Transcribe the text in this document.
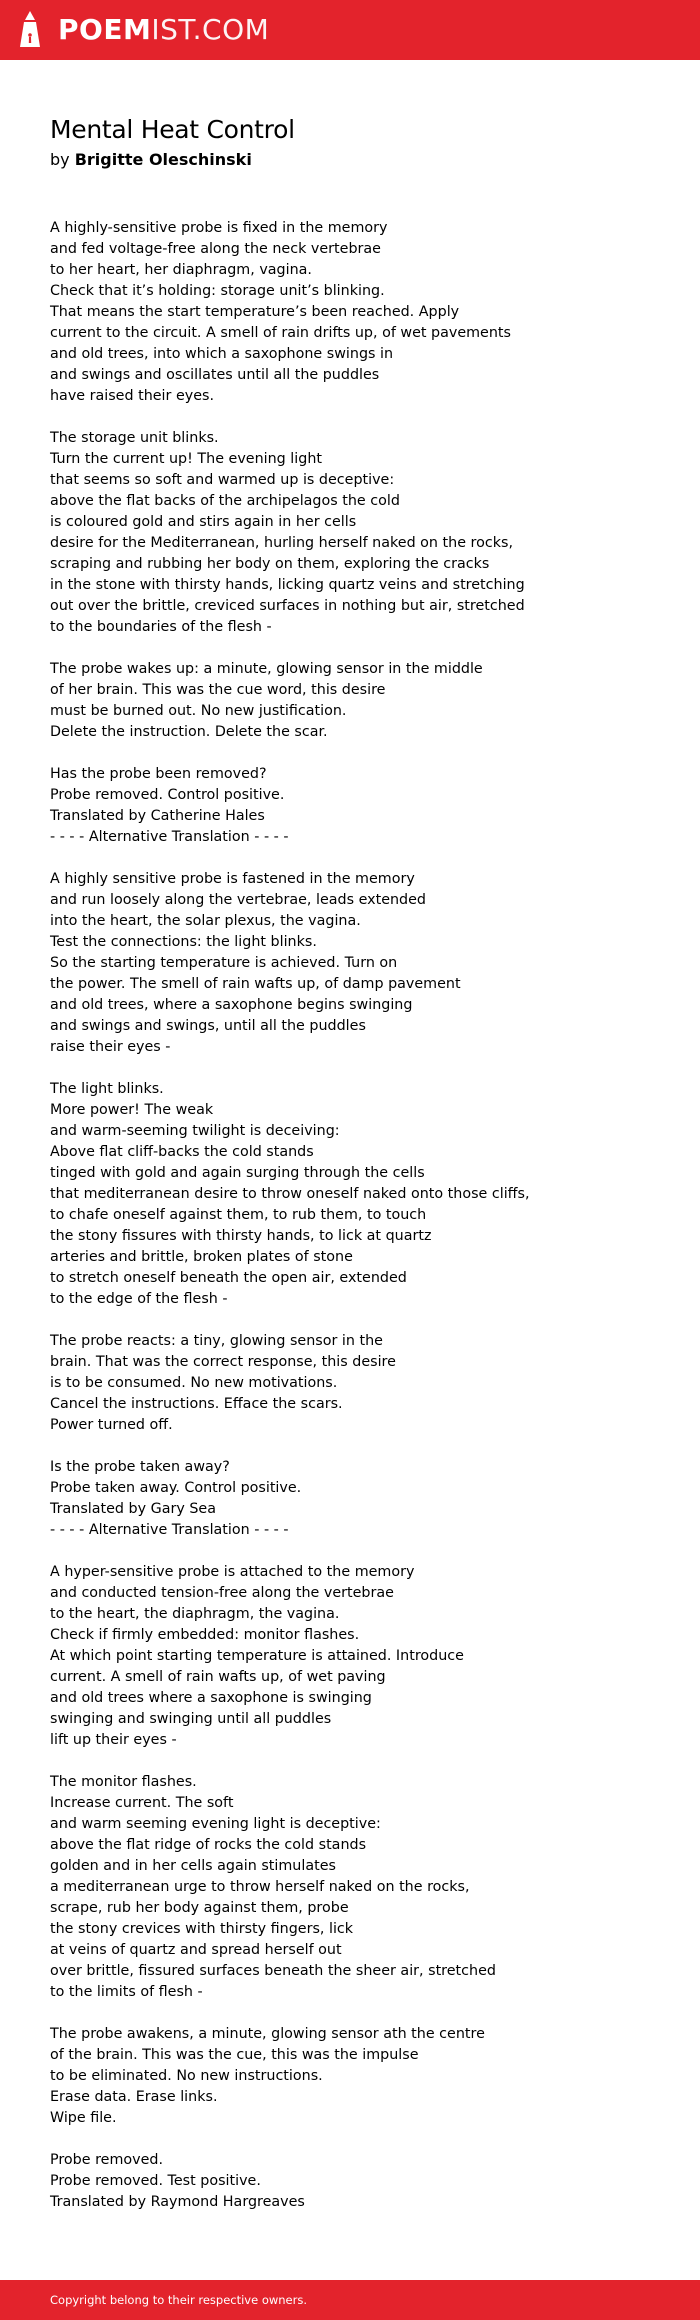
POEMIST.COM
Mental Heat Control
by Brigitte Oleschinski
A highly-sensitive probe is fixed in the memory
and fed voltage-free along the neck vertebrae
to her heart, her diaphragm, vagina.
Check that it’s holding: storage unit’s blinking.
That means the start temperature’s been reached. Apply
current to the circuit. A smell of rain drifts up, of wet pavements
and old trees, into which a saxophone swings in
and swings and oscillates until all the puddles
have raised their eyes.
The storage unit blinks.
Turn the current up! The evening light
that seems so soft and warmed up is deceptive:
above the flat backs of the archipelagos the cold
is coloured gold and stirs again in her cells
desire for the Mediterranean, hurling herself naked on the rocks,
scraping and rubbing her body on them, exploring the cracks
in the stone with thirsty hands, licking quartz veins and stretching
out over the brittle, creviced surfaces in nothing but air, stretched
to the boundaries of the flesh -
The probe wakes up: a minute, glowing sensor in the middle
of her brain. This was the cue word, this desire
must be burned out. No new justification.
Delete the instruction. Delete the scar.
Has the probe been removed?
Probe removed. Control positive.
Translated by Catherine Hales
- - - - Alternative Translation - - - -
A highly sensitive probe is fastened in the memory
and run loosely along the vertebrae, leads extended
into the heart, the solar plexus, the vagina.
Test the connections: the light blinks.
So the starting temperature is achieved. Turn on
the power. The smell of rain wafts up, of damp pavement
and old trees, where a saxophone begins swinging
and swings and swings, until all the puddles
raise their eyes -
The light blinks.
More power! The weak
and warm-seeming twilight is deceiving:
Above flat cliff-backs the cold stands
tinged with gold and again surging through the cells
that mediterranean desire to throw oneself naked onto those cliffs,
to chafe oneself against them, to rub them, to touch
the stony fissures with thirsty hands, to lick at quartz
arteries and brittle, broken plates of stone
to stretch oneself beneath the open air, extended
to the edge of the flesh -
The probe reacts: a tiny, glowing sensor in the
brain. That was the correct response, this desire
is to be consumed. No new motivations.
Cancel the instructions. Efface the scars.
Power turned off.
Is the probe taken away?
Probe taken away. Control positive.
Translated by Gary Sea
- - - - Alternative Translation - - - -
A hyper-sensitive probe is attached to the memory
and conducted tension-free along the vertebrae
to the heart, the diaphragm, the vagina.
Check if firmly embedded: monitor flashes.
At which point starting temperature is attained. Introduce
current. A smell of rain wafts up, of wet paving
and old trees where a saxophone is swinging
swinging and swinging until all puddles
lift up their eyes -
The monitor flashes.
Increase current. The soft
and warm seeming evening light is deceptive:
above the flat ridge of rocks the cold stands
golden and in her cells again stimulates
a mediterranean urge to throw herself naked on the rocks,
scrape, rub her body against them, probe
the stony crevices with thirsty fingers, lick
at veins of quartz and spread herself out
over brittle, fissured surfaces beneath the sheer air, stretched
to the limits of flesh -
The probe awakens, a minute, glowing sensor ath the centre
of the brain. This was the cue, this was the impulse
to be eliminated. No new instructions.
Erase data. Erase links.
Wipe file.
Probe removed.
Probe removed. Test positive.
Translated by Raymond Hargreaves
Copyright belong to their respective owners.
